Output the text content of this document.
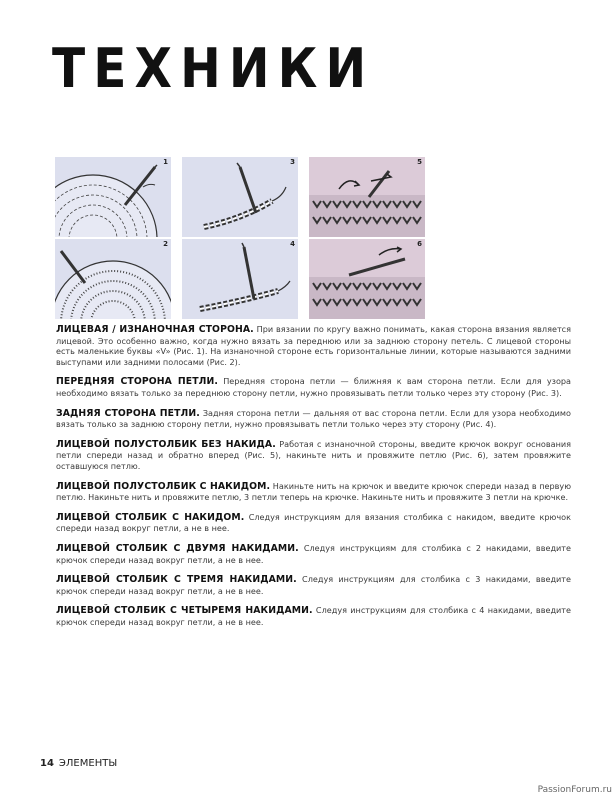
ТЕХНИКИ
1
2
3
4
5
6

ЛИЦЕВАЯ / ИЗНАНОЧНАЯ СТОРОНА. При вязании по кругу важно понимать, какая сторона вязания является лицевой. Это особенно важно, когда нужно вязать за переднюю или за заднюю сторону петель. С лицевой стороны есть маленькие буквы «V» (Рис. 1). На изнаночной стороне есть горизонтальные линии, которые называются задними выступами или задними полосами (Рис. 2).

ПЕРЕДНЯЯ СТОРОНА ПЕТЛИ. Передняя сторона петли — ближняя к вам сторона петли. Если для узора необходимо вязать только за переднюю сторону петли, нужно провязывать петли только через эту сторону (Рис. 3).

ЗАДНЯЯ СТОРОНА ПЕТЛИ. Задняя сторона петли — дальняя от вас сторона петли. Если для узора необходимо вязать только за заднюю сторону петли, нужно провязывать петли только через эту сторону (Рис. 4).

ЛИЦЕВОЙ ПОЛУСТОЛБИК БЕЗ НАКИДА. Работая с изнаночной стороны, введите крючок вокруг основания петли спереди назад и обратно вперед (Рис. 5), накиньте нить и провяжите петлю (Рис. 6), затем провяжите оставшуюся петлю.

ЛИЦЕВОЙ ПОЛУСТОЛБИК С НАКИДОМ. Накиньте нить на крючок и введите крючок спереди назад в первую петлю. Накиньте нить и провяжите петлю, 3 петли теперь на крючке. Накиньте нить и провяжите 3 петли на крючке.

ЛИЦЕВОЙ СТОЛБИК С НАКИДОМ. Следуя инструкциям для вязания столбика с накидом, введите крючок спереди назад вокруг петли, а не в нее.

ЛИЦЕВОЙ СТОЛБИК С ДВУМЯ НАКИДАМИ. Следуя инструкциям для столбика с 2 накидами, введите крючок спереди назад вокруг петли, а не в нее.

ЛИЦЕВОЙ СТОЛБИК С ТРЕМЯ НАКИДАМИ. Следуя инструкциям для столбика с 3 накидами, введите крючок спереди назад вокруг петли, а не в нее.

ЛИЦЕВОЙ СТОЛБИК С ЧЕТЫРЕМЯ НАКИДАМИ. Следуя инструкциям для столбика с 4 накидами, введите крючок спереди назад вокруг петли, а не в нее.

14 ЭЛЕМЕНТЫ
PassionForum.ru
